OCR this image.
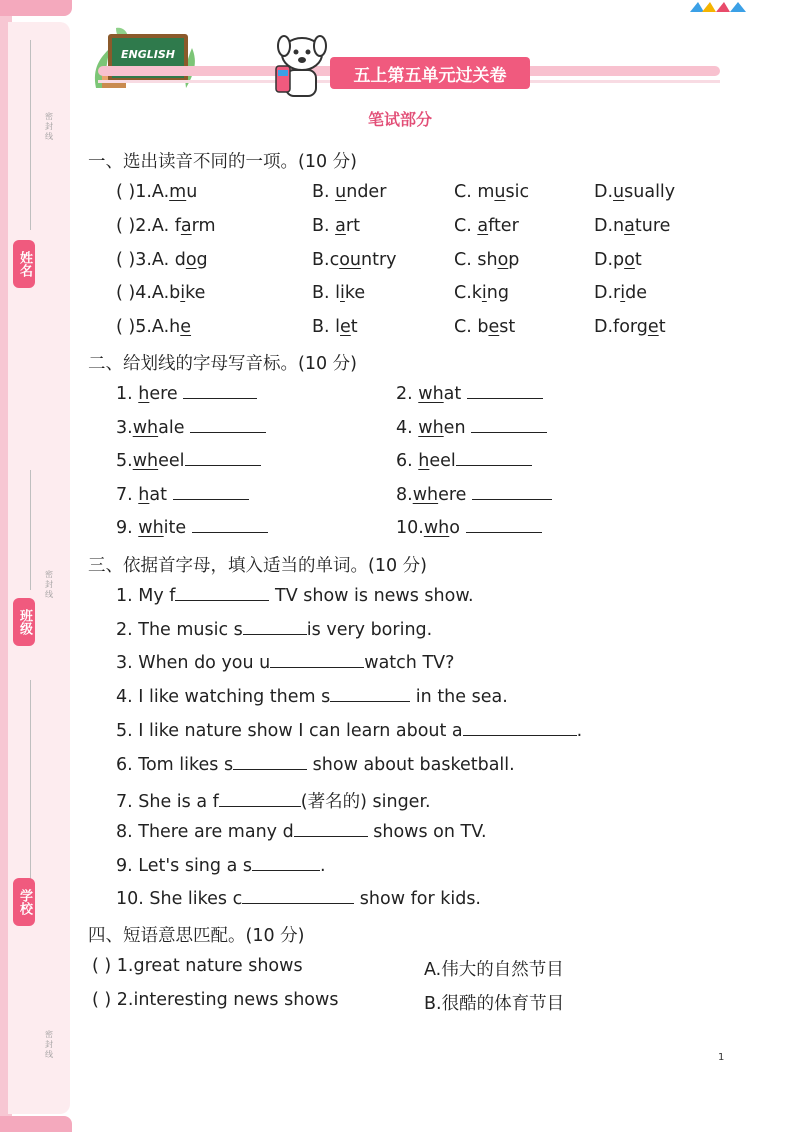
密封线
密封线
密封线
姓名
班级
学校
ENGLISH
五上第五单元过关卷
笔试部分
一、选出读音不同的一项。(10 分)
( )1.A.mu	B. under	C. music	D.usually
( )2.A. farm	B. art	C. after	D.nature
( )3.A. dog	B.country	C. shop	D.pot
( )4.A.bike	B. like	C.king	D.ride
( )5.A.he	B. let	C. best	D.forget
二、给划线的字母写音标。(10 分)
1. here	2. what
3.whale	4. when
5.wheel	6. heel
7. hat	8.where
9. white	10.who
三、依据首字母，填入适当的单词。(10 分)
1. My f	TV show is news show.
2. The music s	is very boring.
3. When do you u	watch TV?
4. I like watching them s	in the sea.
5. I like nature show I can learn about a	.
6. Tom likes s	show about basketball.
7. She is a f	(著名的) singer.
8. There are many d	shows on TV.
9. Let's sing a s	.
10. She likes c	show for kids.
四、短语意思匹配。(10 分)
( ) 1.great nature shows	A.伟大的自然节目
( ) 2.interesting news shows	B.很酷的体育节目
1
